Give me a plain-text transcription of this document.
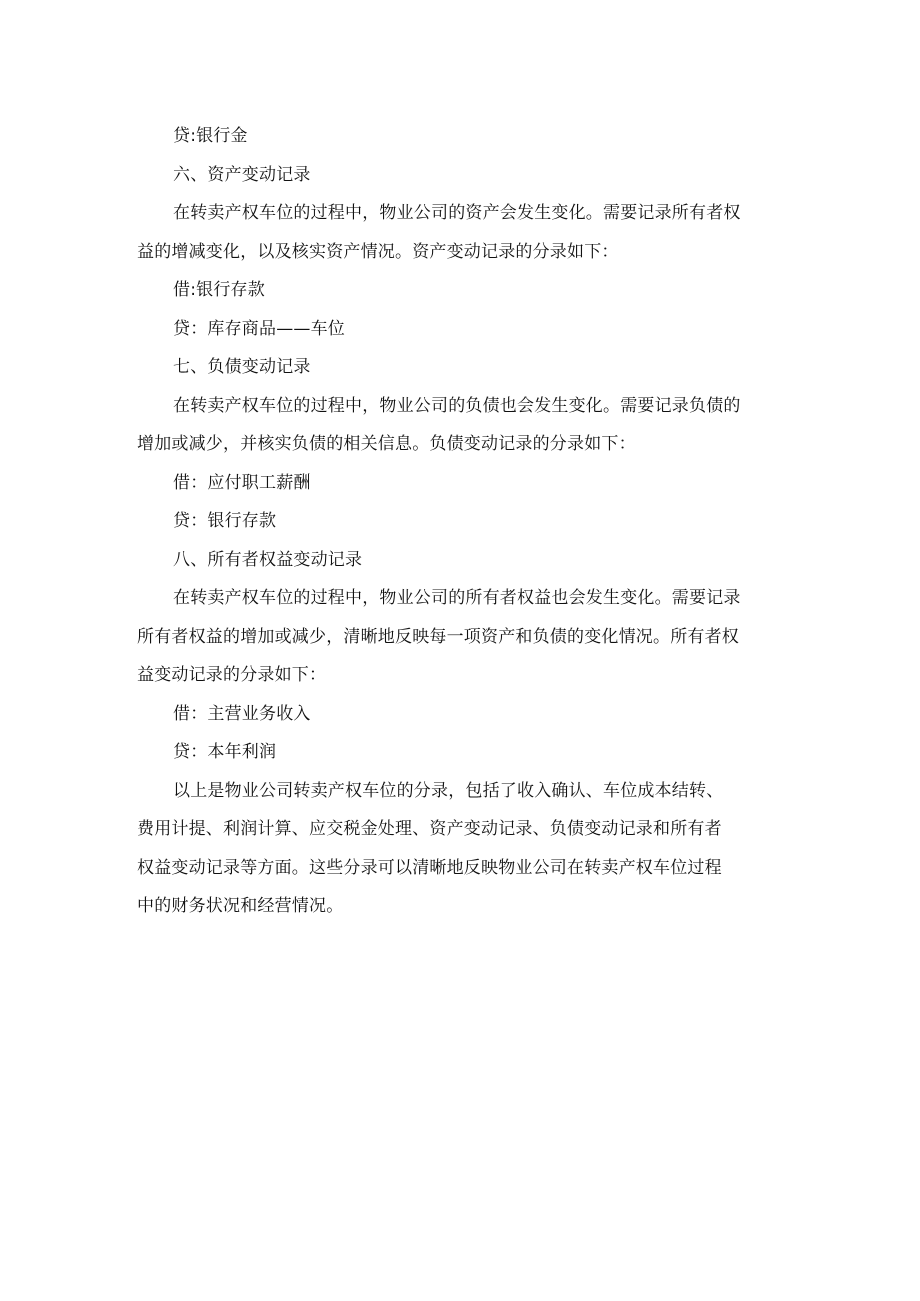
贷:银行金
六、资产变动记录
在转卖产权车位的过程中，物业公司的资产会发生变化。需要记录所有者权
益的增减变化，以及核实资产情况。资产变动记录的分录如下：
借:银行存款
贷：库存商品——车位
七、负债变动记录
在转卖产权车位的过程中，物业公司的负债也会发生变化。需要记录负债的
增加或减少，并核实负债的相关信息。负债变动记录的分录如下：
借：应付职工薪酬
贷：银行存款
八、所有者权益变动记录
在转卖产权车位的过程中，物业公司的所有者权益也会发生变化。需要记录
所有者权益的增加或减少，清晰地反映每一项资产和负债的变化情况。所有者权
益变动记录的分录如下：
借：主营业务收入
贷：本年利润
以上是物业公司转卖产权车位的分录，包括了收入确认、车位成本结转、
费用计提、利润计算、应交税金处理、资产变动记录、负债变动记录和所有者
权益变动记录等方面。这些分录可以清晰地反映物业公司在转卖产权车位过程
中的财务状况和经营情况。
